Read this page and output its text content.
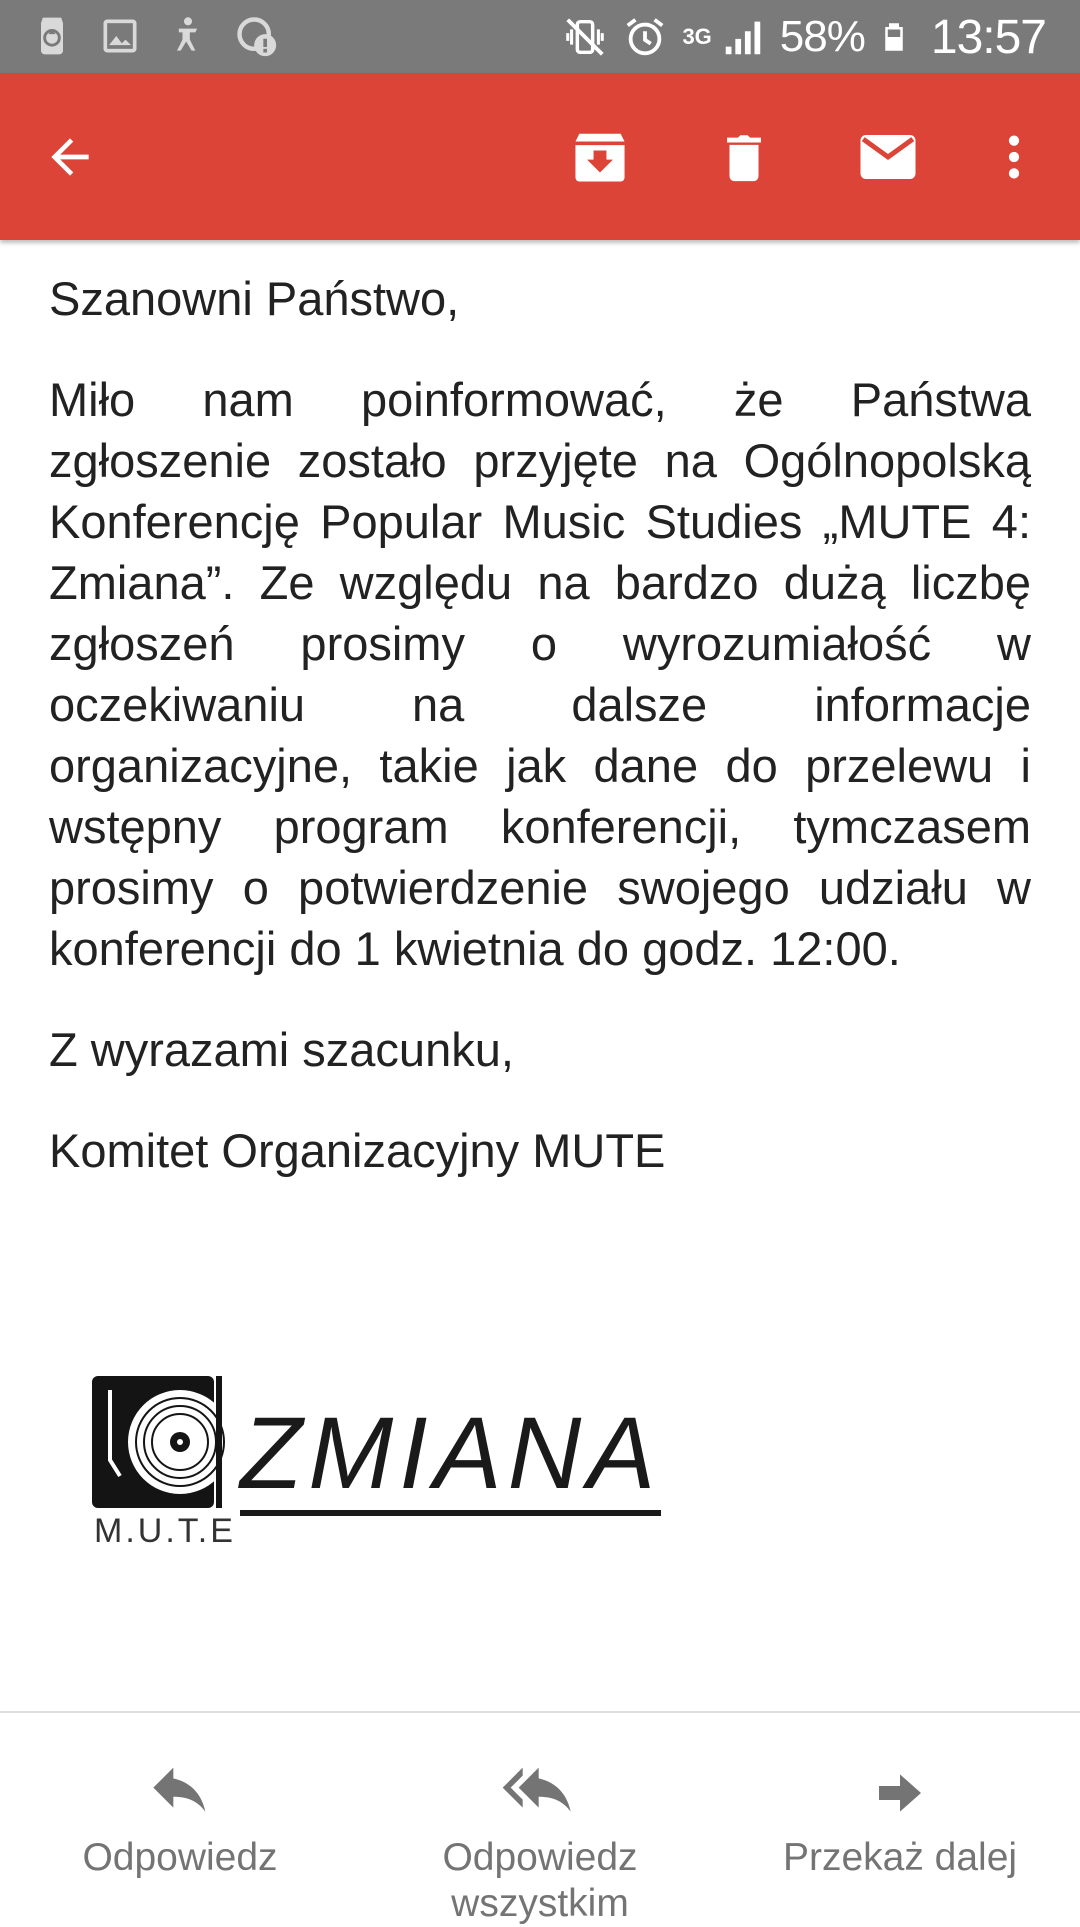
3G 58% 13:57

Szanowni Państwo,

Miło nam poinformować, że Państwa zgłoszenie zostało przyjęte na Ogólnopolską Konferencję Popular Music Studies „MUTE 4: Zmiana”. Ze względu na bardzo dużą liczbę zgłoszeń prosimy o wyrozumiałość w oczekiwaniu na dalsze informacje organizacyjne, takie jak dane do przelewu i wstępny program konferencji, tymczasem prosimy o potwierdzenie swojego udziału w konferencji do 1 kwietnia do godz. 12:00.

Z wyrazami szacunku,

Komitet Organizacyjny MUTE

ZMIANA
M.U.T.E
Odpowiedz	Odpowiedz wszystkim
Przekaż dalej
